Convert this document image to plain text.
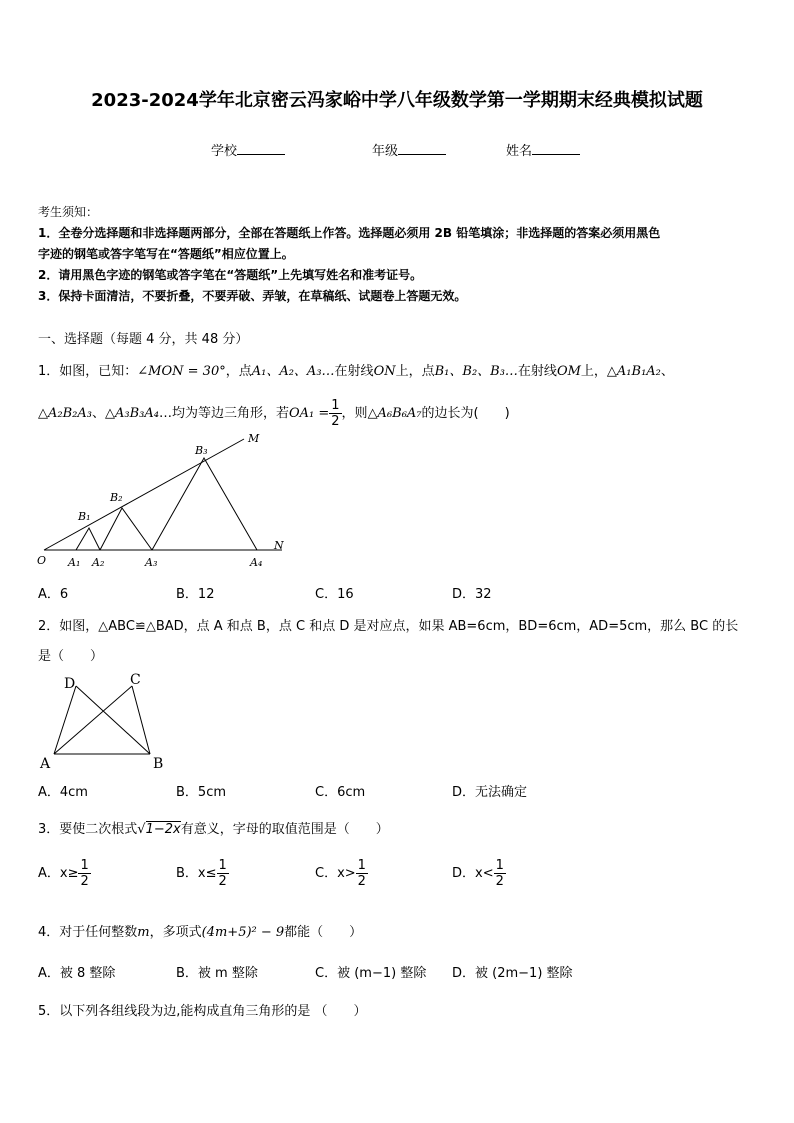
2023-2024学年北京密云冯家峪中学八年级数学第一学期期末经典模拟试题
学校	年级	姓名
考生须知：
1．全卷分选择题和非选择题两部分，全部在答题纸上作答。选择题必须用 2B 铅笔填涂；非选择题的答案必须用黑色
字迹的钢笔或答字笔写在“答题纸”相应位置上。
2．请用黑色字迹的钢笔或答字笔在“答题纸”上先填写姓名和准考证号。
3．保持卡面清洁，不要折叠，不要弄破、弄皱，在草稿纸、试题卷上答题无效。
一、选择题（每题 4 分，共 48 分）
1．如图，已知：∠MON = 30°，点A₁、A₂、A₃…在射线ON上，点B₁、B₂、B₃…在射线OM上，△A₁B₁A₂、
△A₂B₂A₃、△A₃B₃A₄…均为等边三角形，若$OA_1 = \frac{1}{2}$ ，则△A₆B₆A₇的边长为(　　)
O
M
N
A₁ A₂	A₃	A₄
B₁
B₂
B₃
A．6	B．12	C．16	D．32
2．如图，△ABC≌△BAD，点 A 和点 B，点 C 和点 D 是对应点，如果 AB=6cm，BD=6cm，AD=5cm，那么 BC 的长
是（　　）
A	B
C
D
A．4cm	B．5cm	C．6cm	D．无法确定
3．要使二次根式√1−2x有意义，字母的取值范围是（　　）
A．$x\ge \frac{1}{2}$	B．$x\le \frac{1}{2}$	C．$x> \frac{1}{2}$	D．$x< \frac{1}{2}$
4．对于任何整数m，多项式(4m+5)² − 9都能（　　）
A．被 8 整除	B．被 m 整除	C．被 (m−1) 整除 D．被 (2m−1) 整除
5．以下列各组线段为边,能构成直角三角形的是 （　　）
